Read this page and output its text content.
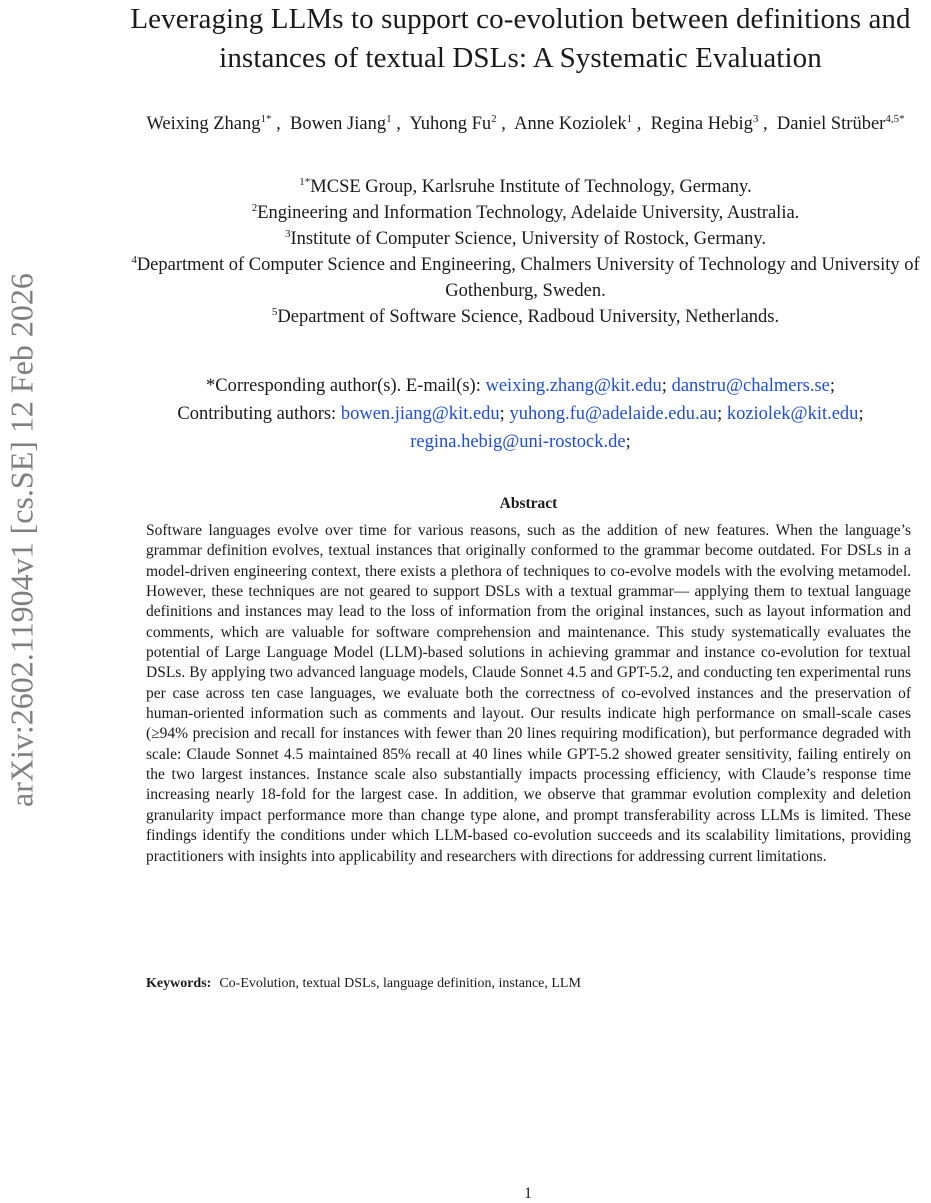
arXiv:2602.11904v1 [cs.SE] 12 Feb 2026
Leveraging LLMs to support co-evolution between definitions and instances of textual DSLs: A Systematic Evaluation
Weixing Zhang$^{1*}$ , Bowen Jiang$^1$ , Yuhong Fu$^2$ , Anne Koziolek$^1$ , Regina Hebig$^3$ , Daniel Strüber$^{4,5*}$
$^{1*}$MCSE Group, Karlsruhe Institute of Technology, Germany.
$^2$Engineering and Information Technology, Adelaide University, Australia.
$^3$Institute of Computer Science, University of Rostock, Germany.
$^4$Department of Computer Science and Engineering, Chalmers University of Technology and University of Gothenburg, Sweden.
$^5$Department of Software Science, Radboud University, Netherlands.
*Corresponding author(s). E-mail(s): weixing.zhang@kit.edu; danstru@chalmers.se;
Contributing authors: bowen.jiang@kit.edu; yuhong.fu@adelaide.edu.au; koziolek@kit.edu;
regina.hebig@uni-rostock.de;
Abstract

Software languages evolve over time for various reasons, such as the addition of new features. When the language’s grammar definition evolves, textual instances that originally conformed to the grammar become outdated. For DSLs in a model-driven engineering context, there exists a plethora of techniques to co-evolve models with the evolving metamodel. However, these techniques are not geared to support DSLs with a textual grammar— applying them to textual language definitions and instances may lead to the loss of information from the original instances, such as layout information and comments, which are valuable for software comprehension and maintenance. This study systematically evaluates the potential of Large Language Model (LLM)-based solutions in achieving grammar and instance co-evolution for textual DSLs. By applying two advanced language models, Claude Sonnet 4.5 and GPT-5.2, and conducting ten experimental runs per case across ten case languages, we evaluate both the correctness of co-evolved instances and the preservation of human-oriented information such as comments and layout. Our results indicate high performance on small-scale cases (≥94% precision and recall for instances with fewer than 20 lines requiring modification), but performance degraded with scale: Claude Sonnet 4.5 maintained 85% recall at 40 lines while GPT-5.2 showed greater sensitivity, failing entirely on the two largest instances. Instance scale also substantially impacts processing efficiency, with Claude’s response time increasing nearly 18-fold for the largest case. In addition, we observe that grammar evolution complexity and deletion granularity impact performance more than change type alone, and prompt transferability across LLMs is limited. These findings identify the conditions under which LLM-based co-evolution succeeds and its scalability limitations, providing practitioners with insights into applicability and researchers with directions for addressing current limitations.

Keywords: Co-Evolution, textual DSLs, language definition, instance, LLM
1
